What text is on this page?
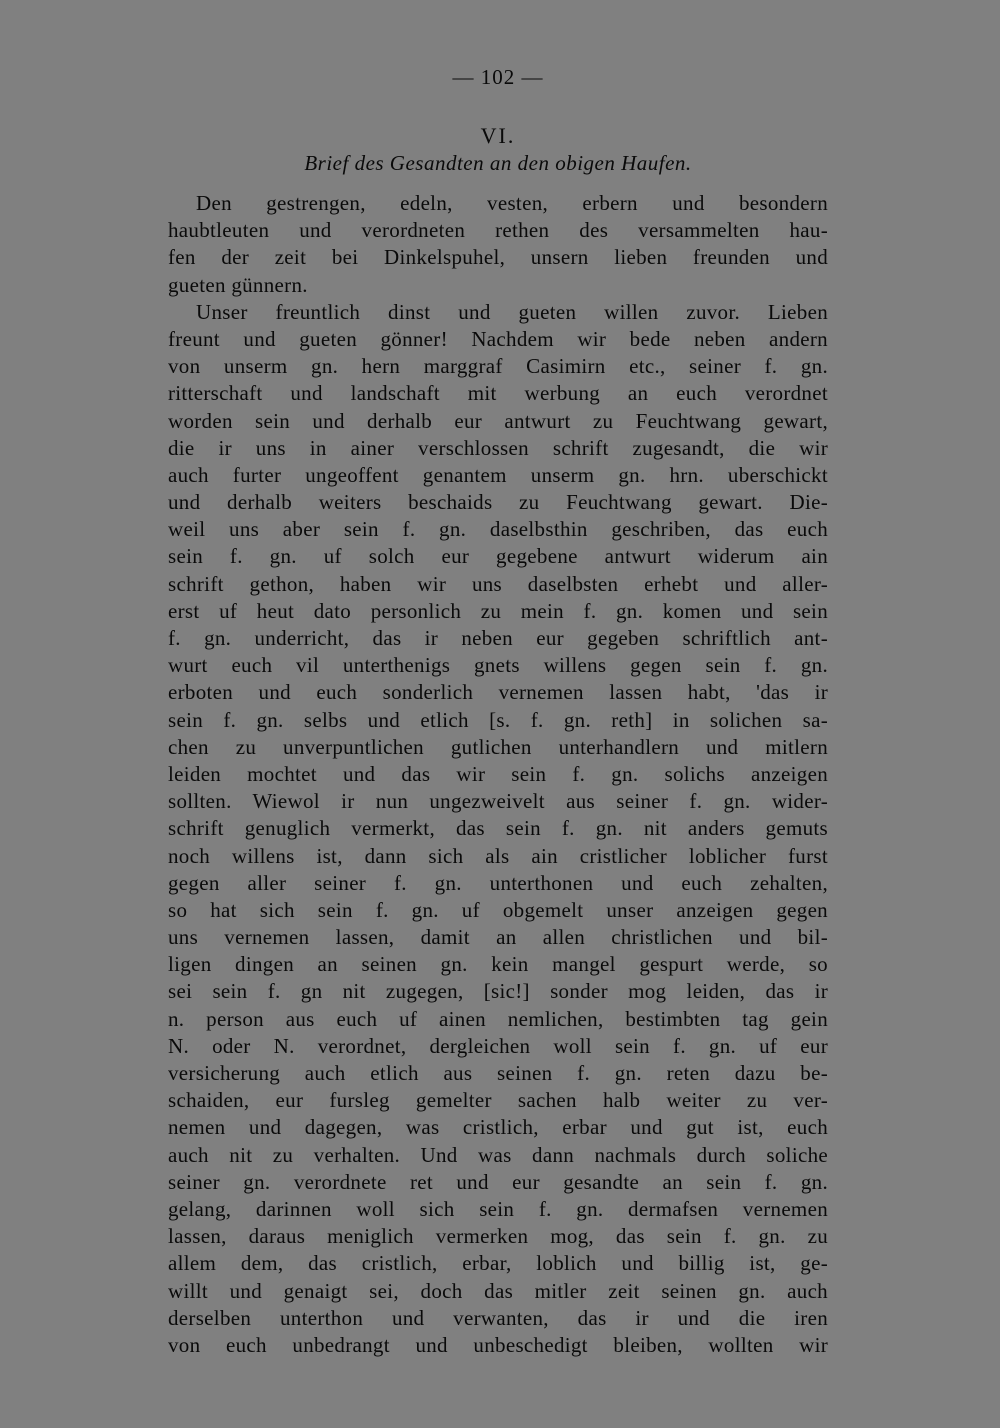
— 102 —
VI.
Brief des Gesandten an den obigen Haufen.
Den gestrengen, edeln, vesten, erbern und besondern
haubtleuten und verordneten rethen des versammelten hau-
fen der zeit bei Dinkelspuhel, unsern lieben freunden und
gueten günnern.
Unser freuntlich dinst und gueten willen zuvor. Lieben
freunt und gueten gönner! Nachdem wir bede neben andern
von unserm gn. hern marggraf Casimirn etc., seiner f. gn.
ritterschaft und landschaft mit werbung an euch verordnet
worden sein und derhalb eur antwurt zu Feuchtwang gewart,
die ir uns in ainer verschlossen schrift zugesandt, die wir
auch furter ungeoffent genantem unserm gn. hrn. uberschickt
und derhalb weiters beschaids zu Feuchtwang gewart. Die-
weil uns aber sein f. gn. daselbsthin geschriben, das euch
sein f. gn. uf solch eur gegebene antwurt widerum ain
schrift gethon, haben wir uns daselbsten erhebt und aller-
erst uf heut dato personlich zu mein f. gn. komen und sein
f. gn. underricht, das ir neben eur gegeben schriftlich ant-
wurt euch vil unterthenigs gnets willens gegen sein f. gn.
erboten und euch sonderlich vernemen lassen habt, 'das ir
sein f. gn. selbs und etlich [s. f. gn. reth] in solichen sa-
chen zu unverpuntlichen gutlichen unterhandlern und mitlern
leiden mochtet und das wir sein f. gn. solichs anzeigen
sollten. Wiewol ir nun ungezweivelt aus seiner f. gn. wider-
schrift genuglich vermerkt, das sein f. gn. nit anders gemuts
noch willens ist, dann sich als ain cristlicher loblicher furst
gegen aller seiner f. gn. unterthonen und euch zehalten,
so hat sich sein f. gn. uf obgemelt unser anzeigen gegen
uns vernemen lassen, damit an allen christlichen und bil-
ligen dingen an seinen gn. kein mangel gespurt werde, so
sei sein f. gn nit zugegen, [sic!] sonder mog leiden, das ir
n. person aus euch uf ainen nemlichen, bestimbten tag gein
N. oder N. verordnet, dergleichen woll sein f. gn. uf eur
versicherung auch etlich aus seinen f. gn. reten dazu be-
schaiden, eur fursleg gemelter sachen halb weiter zu ver-
nemen und dagegen, was cristlich, erbar und gut ist, euch
auch nit zu verhalten. Und was dann nachmals durch soliche
seiner gn. verordnete ret und eur gesandte an sein f. gn.
gelang, darinnen woll sich sein f. gn. dermafsen vernemen
lassen, daraus meniglich vermerken mog, das sein f. gn. zu
allem dem, das cristlich, erbar, loblich und billig ist, ge-
willt und genaigt sei, doch das mitler zeit seinen gn. auch
derselben unterthon und verwanten, das ir und die iren
von euch unbedrangt und unbeschedigt bleiben, wollten wir
